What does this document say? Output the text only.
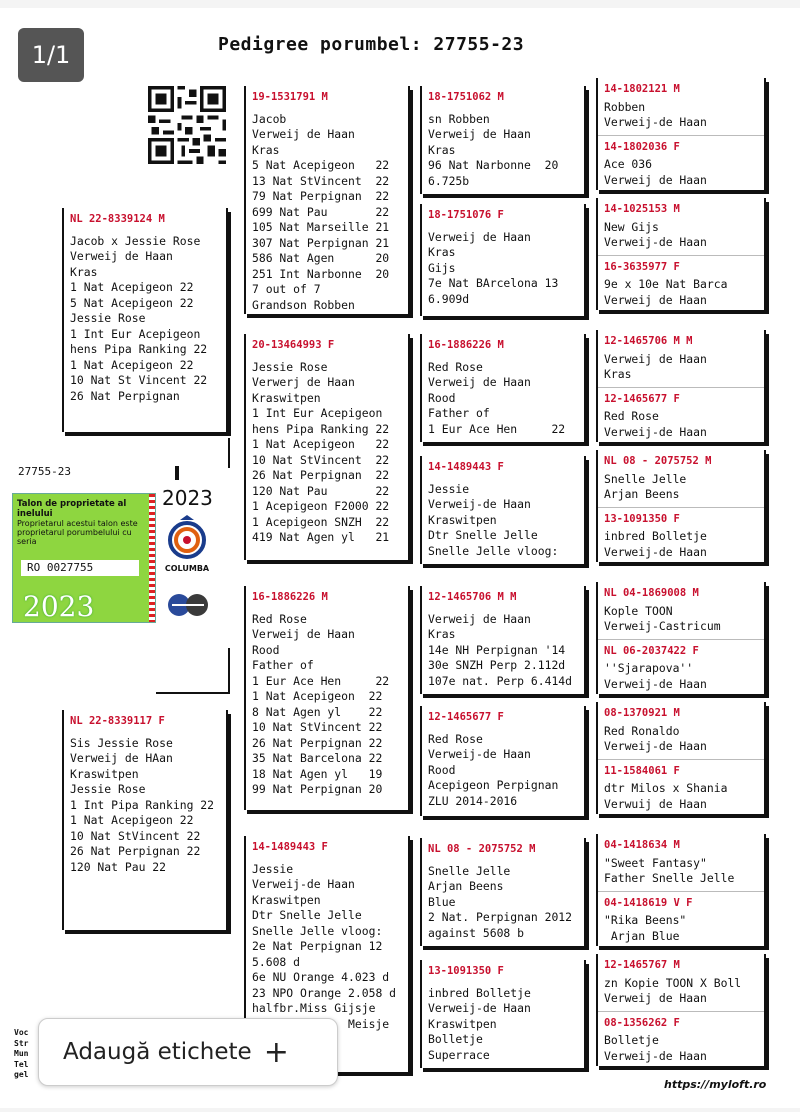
Pedigree porumbel: 27755-23
NL 22-8339124 M
Jacob x Jessie Rose
Verweij de Haan
Kras
1 Nat Acepigeon 22
5 Nat Acepigeon 22
Jessie Rose
1 Int Eur Acepigeon
hens Pipa Ranking 22
1 Nat Acepigeon 22
10 Nat St Vincent 22
26 Nat Perpignan
NL 22-8339117 F
Sis Jessie Rose
Verweij de HAan
Kraswitpen
Jessie Rose
1 Int Pipa Ranking 22
1 Nat Acepigeon 22
10 Nat StVincent 22
26 Nat Perpignan 22
120 Nat Pau 22
27755-23
Talon de proprietate al inelului
Proprietarul acestui talon este proprietarul porumbelului cu seria
RO 0027755
2023
2023
COLUMBA
19-1531791 M
Jacob
Verweij de Haan
Kras
5 Nat Acepigeon   22
13 Nat StVincent  22
79 Nat Perpignan  22
699 Nat Pau       22
105 Nat Marseille 21
307 Nat Perpignan 21
586 Nat Agen      20
251 Int Narbonne  20
7 out of 7
Grandson Robben
20-13464993 F
Jessie Rose
Verwerj de Haan
Kraswitpen
1 Int Eur Acepigeon
hens Pipa Ranking 22
1 Nat Acepigeon   22
10 Nat StVincent  22
26 Nat Perpignan  22
120 Nat Pau       22
1 Acepigeon F2000 22
1 Acepigeon SNZH  22
419 Nat Agen yl   21
16-1886226 M
Red Rose
Verweij de Haan
Rood
Father of
1 Eur Ace Hen     22
1 Nat Acepigeon  22
8 Nat Agen yl    22
10 Nat StVincent 22
26 Nat Perpignan 22
35 Nat Barcelona 22
18 Nat Agen yl   19
99 Nat Perpignan 20
14-1489443 F
Jessie
Verweij-de Haan
Kraswitpen
Dtr Snelle Jelle
Snelle Jelle vloog:
2e Nat Perpignan 12
5.608 d
6e NU Orange 4.023 d
23 NPO Orange 2.058 d
halfbr.Miss Gijsje
Meisje
18-1751062 M
sn Robben
Verweij de Haan
Kras
96 Nat Narbonne  20
6.725b
18-1751076 F
Verweij de Haan
Kras
Gijs
7e Nat BArcelona 13
6.909d
16-1886226 M
Red Rose
Verweij de Haan
Rood
Father of
1 Eur Ace Hen     22
14-1489443 F
Jessie
Verweij-de Haan
Kraswitpen
Dtr Snelle Jelle
Snelle Jelle vloog:
12-1465706 M M
Verweij de Haan
Kras
14e NH Perpignan '14
30e SNZH Perp 2.112d
107e nat. Perp 6.414d
12-1465677 F
Red Rose
Verweij-de Haan
Rood
Acepigeon Perpignan
ZLU 2014-2016
NL 08 - 2075752 M
Snelle Jelle
Arjan Beens
Blue
2 Nat. Perpignan 2012
against 5608 b
13-1091350 F
inbred Bolletje
Verweij-de Haan
Kraswitpen
Bolletje
Superrace
14-1802121 M
Robben
Verweij-de Haan
14-1802036 F
Ace 036
Verweij de Haan
14-1025153 M
New Gijs
Verweij-de Haan
16-3635977 F
9e x 10e Nat Barca
Verweij de Haan
12-1465706 M M
Verweij de Haan
Kras
12-1465677 F
Red Rose
Verweij-de Haan
NL 08 - 2075752 M
Snelle Jelle
Arjan Beens
13-1091350 F
inbred Bolletje
Verweij-de Haan
NL 04-1869008 M
Kople TOON
Verweij-Castricum
NL 06-2037422 F
''Sjarapova''
Verweij-de Haan
08-1370921 M
Red Ronaldo
Verweij-de Haan
11-1584061 F
dtr Milos x Shania
Verwuij de Haan
04-1418634 M
"Sweet Fantasy"
Father Snelle Jelle
04-1418619 V F
"Rika Beens"
Arjan Blue
12-1465767 M
zn Kopie TOON X Boll
Verweij de Haan
08-1356262 F
Bolletje
Verweij-de Haan
Voc
Str
Mun
Tel
gel
https://myloft.ro
1/1
Adaugă etichete +
